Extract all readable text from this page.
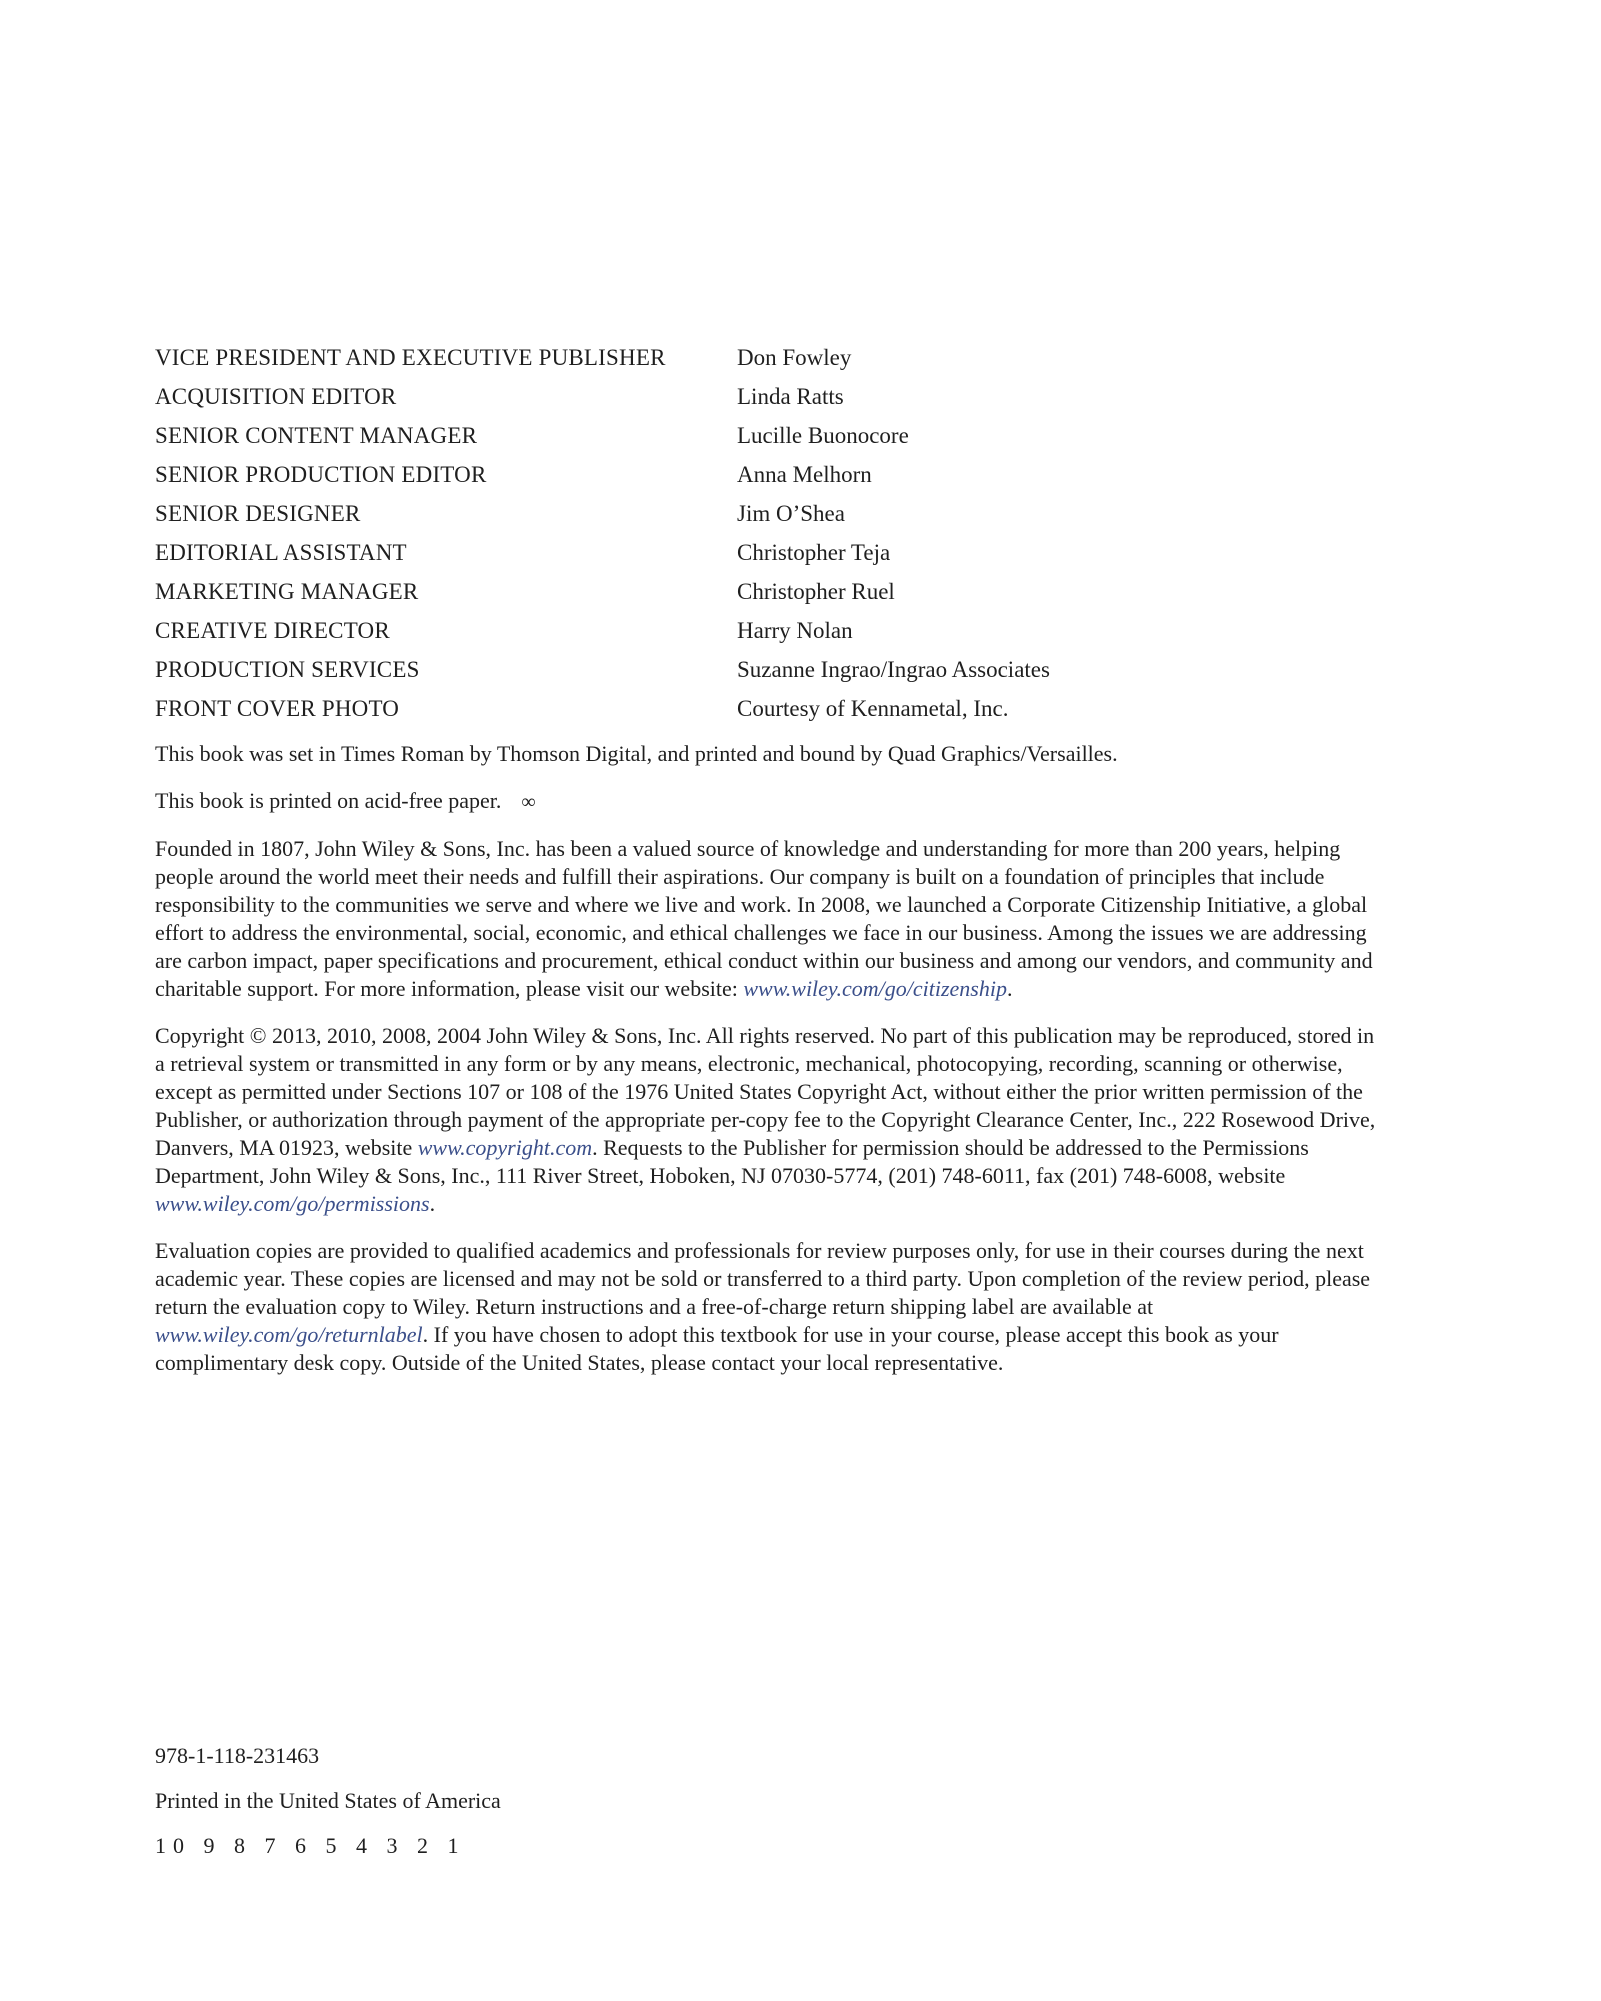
VICE PRESIDENT AND EXECUTIVE PUBLISHER	Don Fowley
ACQUISITION EDITOR	Linda Ratts
SENIOR CONTENT MANAGER	Lucille Buonocore
SENIOR PRODUCTION EDITOR	Anna Melhorn
SENIOR DESIGNER	Jim O’Shea
EDITORIAL ASSISTANT	Christopher Teja
MARKETING MANAGER	Christopher Ruel
CREATIVE DIRECTOR	Harry Nolan
PRODUCTION SERVICES	Suzanne Ingrao/Ingrao Associates
FRONT COVER PHOTO	Courtesy of Kennametal, Inc.

This book was set in Times Roman by Thomson Digital, and printed and bound by Quad Graphics/Versailles.

This book is printed on acid-free paper. ∞

Founded in 1807, John Wiley & Sons, Inc. has been a valued source of knowledge and understanding for more than 200 years, helping people around the world meet their needs and fulfill their aspirations. Our company is built on a foundation of principles that include responsibility to the communities we serve and where we live and work. In 2008, we launched a Corporate Citizenship Initiative, a global effort to address the environmental, social, economic, and ethical challenges we face in our business. Among the issues we are addressing are carbon impact, paper specifications and procurement, ethical conduct within our business and among our vendors, and community and charitable support. For more information, please visit our website: www.wiley.com/go/citizenship.

Copyright © 2013, 2010, 2008, 2004 John Wiley & Sons, Inc. All rights reserved. No part of this publication may be reproduced, stored in a retrieval system or transmitted in any form or by any means, electronic, mechanical, photocopying, recording, scanning or otherwise, except as permitted under Sections 107 or 108 of the 1976 United States Copyright Act, without either the prior written permission of the Publisher, or authorization through payment of the appropriate per-copy fee to the Copyright Clearance Center, Inc., 222 Rosewood Drive, Danvers, MA 01923, website www.copyright.com. Requests to the Publisher for permission should be addressed to the Permissions Department, John Wiley & Sons, Inc., 111 River Street, Hoboken, NJ 07030-5774, (201) 748-6011, fax (201) 748-6008, website www.wiley.com/go/permissions.

Evaluation copies are provided to qualified academics and professionals for review purposes only, for use in their courses during the next academic year. These copies are licensed and may not be sold or transferred to a third party. Upon completion of the review period, please return the evaluation copy to Wiley. Return instructions and a free-of-charge return shipping label are available at www.wiley.com/go/returnlabel. If you have chosen to adopt this textbook for use in your course, please accept this book as your complimentary desk copy. Outside of the United States, please contact your local representative.

978-1-118-231463
Printed in the United States of America
10 9 8 7 6 5 4 3 2 1
